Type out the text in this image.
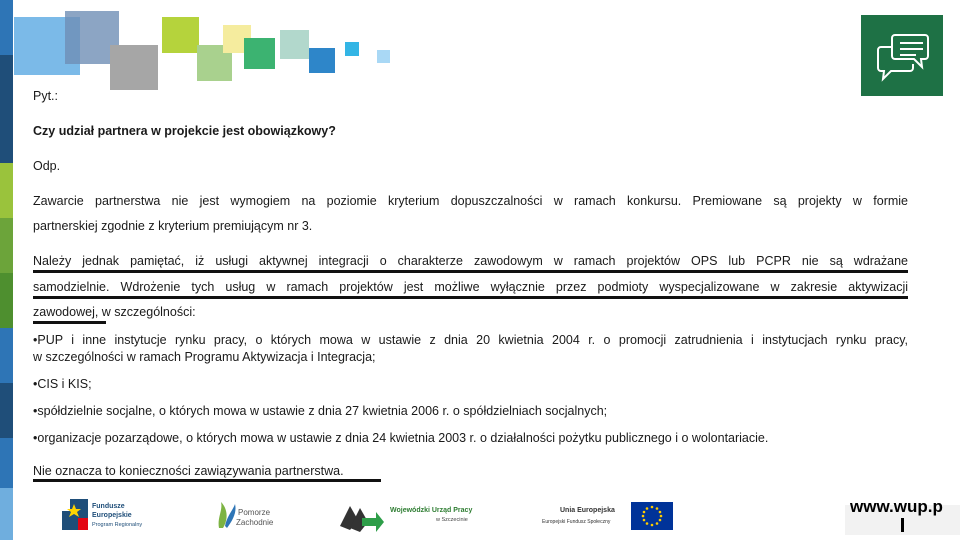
Pyt.:

Czy udział partnera w projekcie jest obowiązkowy?

Odp.

Zawarcie partnerstwa nie jest wymogiem na poziomie kryterium dopuszczalności w ramach konkursu. Premiowane są projekty w formie

partnerskiej zgodnie z kryterium premiującym nr 3.

Należy jednak pamiętać, iż usługi aktywnej integracji o charakterze zawodowym w ramach projektów OPS lub PCPR nie są wdrażane

samodzielnie. Wdrożenie tych usług w ramach projektów jest możliwe wyłącznie przez podmioty wyspecjalizowane w zakresie aktywizacji

zawodowej, w szczególności:

•PUP i inne instytucje rynku pracy, o których mowa w ustawie z dnia 20 kwietnia 2004 r. o promocji zatrudnienia i instytucjach rynku pracy,

w szczególności w ramach Programu Aktywizacja i Integracja;

•CIS i KIS;

•spółdzielnie socjalne, o których mowa w ustawie z dnia 27 kwietnia 2006 r. o spółdzielniach socjalnych;

•organizacje pozarządowe, o których mowa w ustawie z dnia 24 kwietnia 2003 r. o działalności pożytku publicznego i o wolontariacie.

Nie oznacza to konieczności zawiązywania partnerstwa.

Fundusze
Europejskie
Program Regionalny
Pomorze
Zachodnie
Wojewódzki Urząd Pracy
w Szczecinie
Unia Europejska
Europejski Fundusz Społeczny
www.wup.p
